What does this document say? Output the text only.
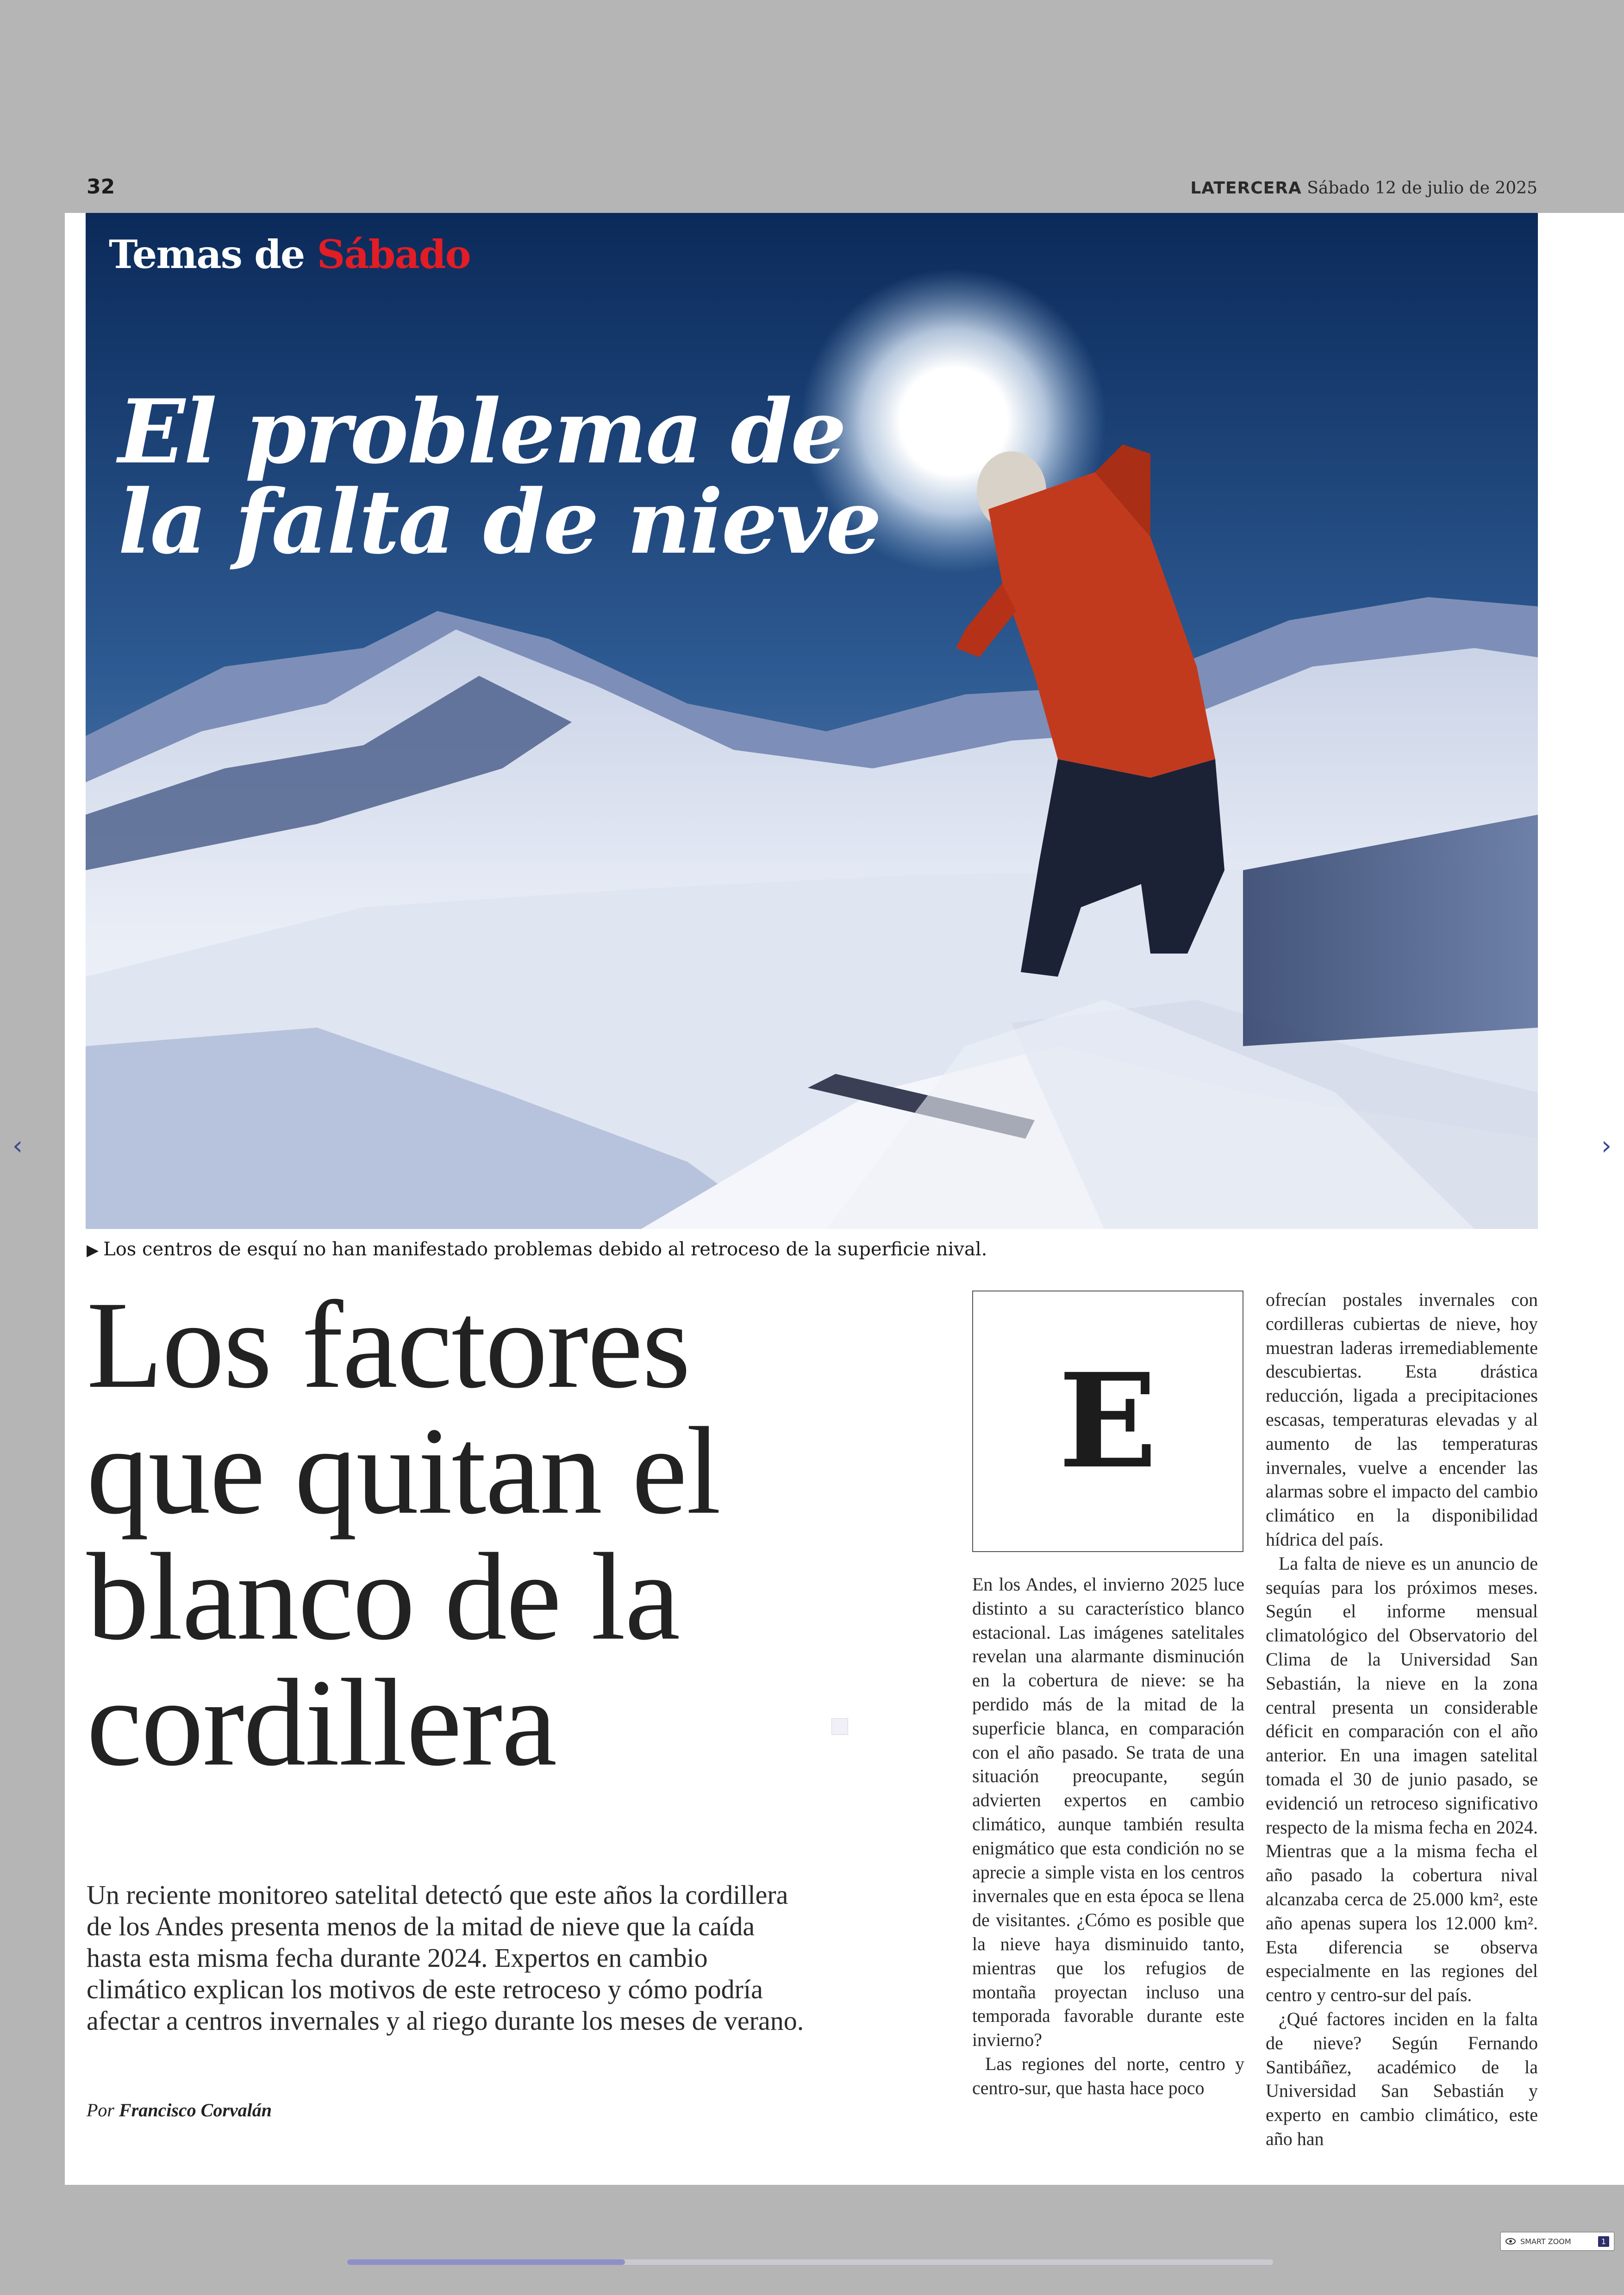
32	LATERCERA Sábado 12 de julio de 2025
Temas de Sábado
El problema de
la falta de nieve
▶ Los centros de esquí no han manifestado problemas debido al retroceso de la superficie nival.
Los factores
que quitan el
blanco de la
cordillera
Un reciente monitoreo satelital detectó que este años la cordillera de los Andes presenta menos de la mitad de nieve que la caída hasta esta misma fecha durante 2024. Expertos en cambio climático explican los motivos de este retroceso y cómo podría afectar a centros invernales y al riego durante los meses de verano.
Por Francisco Corvalán
E

En los Andes, el invierno 2025 luce distinto a su característico blanco estacional. Las imágenes satelitales revelan una alarmante disminución en la cobertura de nieve: se ha perdido más de la mitad de la superficie blanca, en comparación con el año pasado. Se trata de una situación preocupante, según advierten expertos en cambio climático, aunque también resulta enigmático que esta condición no se aprecie a simple vista en los centros invernales que en esta época se llena de visitantes. ¿Cómo es posible que la nieve haya disminuido tanto, mientras que los refugios de montaña proyectan incluso una temporada favorable durante este invierno?

Las regiones del norte, centro y centro-sur, que hasta hace poco

ofrecían postales invernales con cordilleras cubiertas de nieve, hoy muestran laderas irremediablemente descubiertas. Esta drástica reducción, ligada a precipitaciones escasas, temperaturas elevadas y al aumento de las temperaturas invernales, vuelve a encender las alarmas sobre el impacto del cambio climático en la disponibilidad hídrica del país.

La falta de nieve es un anuncio de sequías para los próximos meses. Según el informe mensual climatológico del Observatorio del Clima de la Universidad San Sebastián, la nieve en la zona central presenta un considerable déficit en comparación con el año anterior. En una imagen satelital tomada el 30 de junio pasado, se evidenció un retroceso significativo respecto de la misma fecha en 2024. Mientras que a la misma fecha el año pasado la cobertura nival alcanzaba cerca de 25.000 km², este año apenas supera los 12.000 km². Esta diferencia se observa especialmente en las regiones del centro y centro-sur del país.

¿Qué factores inciden en la falta de nieve? Según Fernando Santibáñez, académico de la Universidad San Sebastián y experto en cambio climático, este año han

‹	›
SMART ZOOM	1
